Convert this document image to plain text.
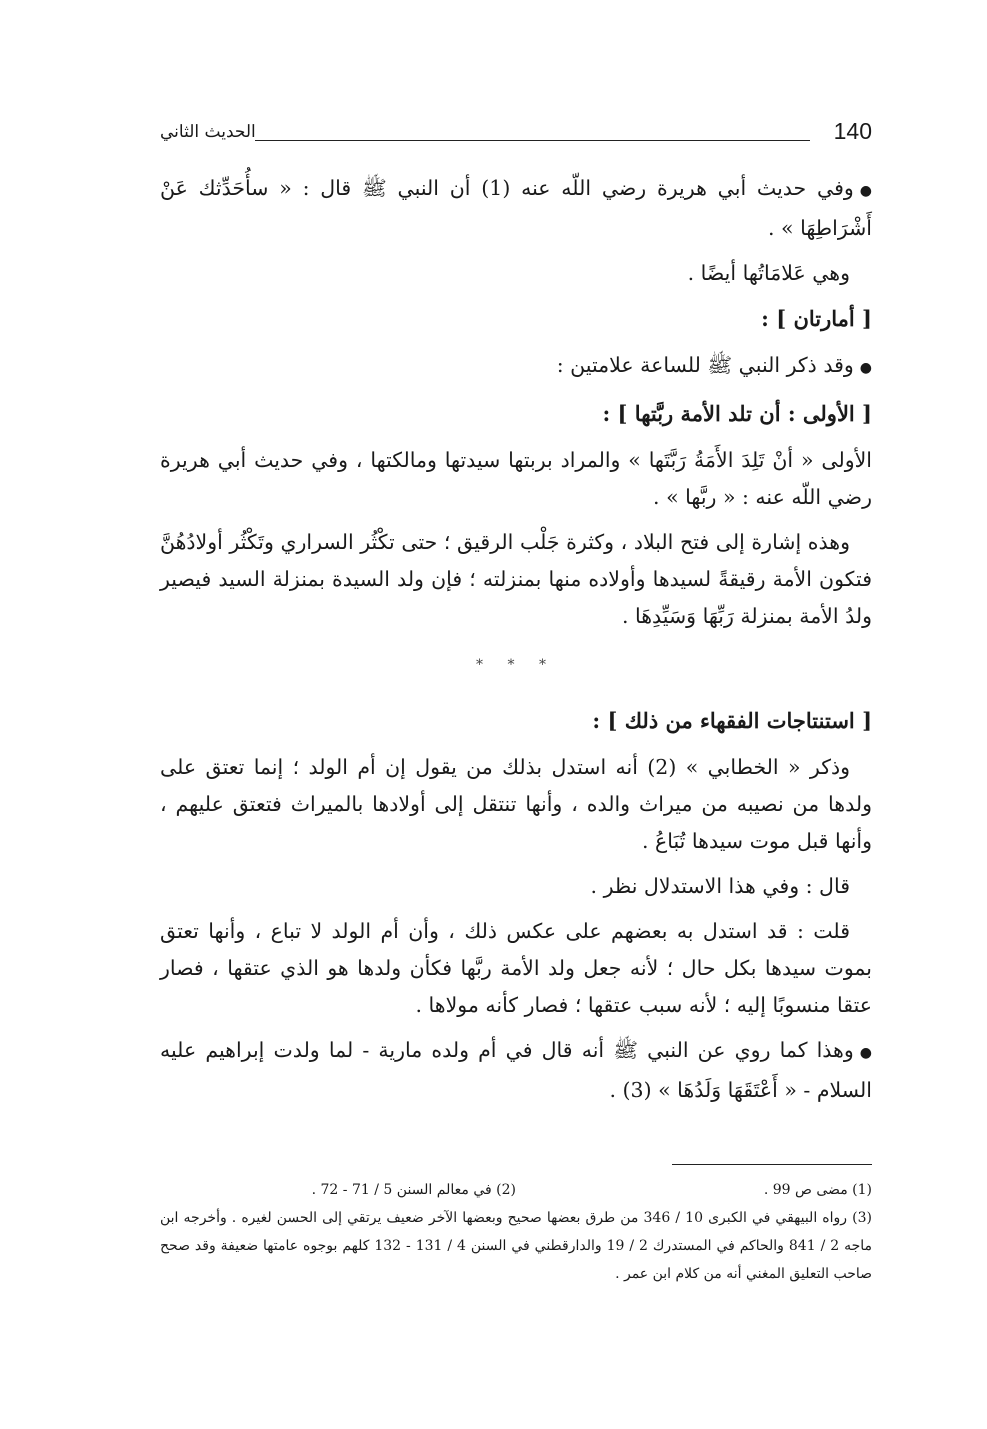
140
الحديث الثاني

●وفي حديث أبي هريرة رضي اللّه عنه (1) أن النبي ﷺ قال : « سأُحَدِّثك عَنْ أَشْرَاطِهَا » .

وهي عَلامَاتُها أيضًا .

[ أمارتان ] :

●وقد ذكر النبي ﷺ للساعة علامتين :

[ الأولى : أن تلد الأمة ربَّتها ] :

الأولى « أنْ تَلِدَ الأَمَةُ رَبَّتَها » والمراد بربتها سيدتها ومالكتها ، وفي حديث أبي هريرة رضي اللّه عنه : « ربَّها » .

وهذه إشارة إلى فتح البلاد ، وكثرة جَلْب الرقيق ؛ حتى تكْثُر السراري وتَكْثُر أولادُهُنَّ فتكون الأمة رقيقةً لسيدها وأولاده منها بمنزلته ؛ فإن ولد السيدة بمنزلة السيد فيصير ولدُ الأمة بمنزلة رَبِّهَا وَسَيِّدِهَا .

* * *

[ استنتاجات الفقهاء من ذلك ] :

وذكر « الخطابي » (2) أنه استدل بذلك من يقول إن أم الولد ؛ إنما تعتق على ولدها من نصيبه من ميراث والده ، وأنها تنتقل إلى أولادها بالميراث فتعتق عليهم ، وأنها قبل موت سيدها تُبَاعُ .

قال : وفي هذا الاستدلال نظر .

قلت : قد استدل به بعضهم على عكس ذلك ، وأن أم الولد لا تباع ، وأنها تعتق بموت سيدها بكل حال ؛ لأنه جعل ولد الأمة ربَّها فكأن ولدها هو الذي عتقها ، فصار عتقا منسوبًا إليه ؛ لأنه سبب عتقها ؛ فصار كأنه مولاها .

●وهذا كما روي عن النبي ﷺ أنه قال في أم ولده مارية - لما ولدت إبراهيم عليه السلام - « أَعْتَقَهَا وَلَدُهَا » (3) .

(1) مضى ص 99 .
(2) في معالم السنن 5 / 71 - 72 .
(3) رواه البيهقي في الكبرى 10 / 346 من طرق بعضها صحيح وبعضها الآخر ضعيف يرتقي إلى الحسن لغيره . وأخرجه ابن ماجه 2 / 841 والحاكم في المستدرك 2 / 19 والدارقطني في السنن 4 / 131 - 132 كلهم بوجوه عامتها ضعيفة وقد صحح صاحب التعليق المغني أنه من كلام ابن عمر .
